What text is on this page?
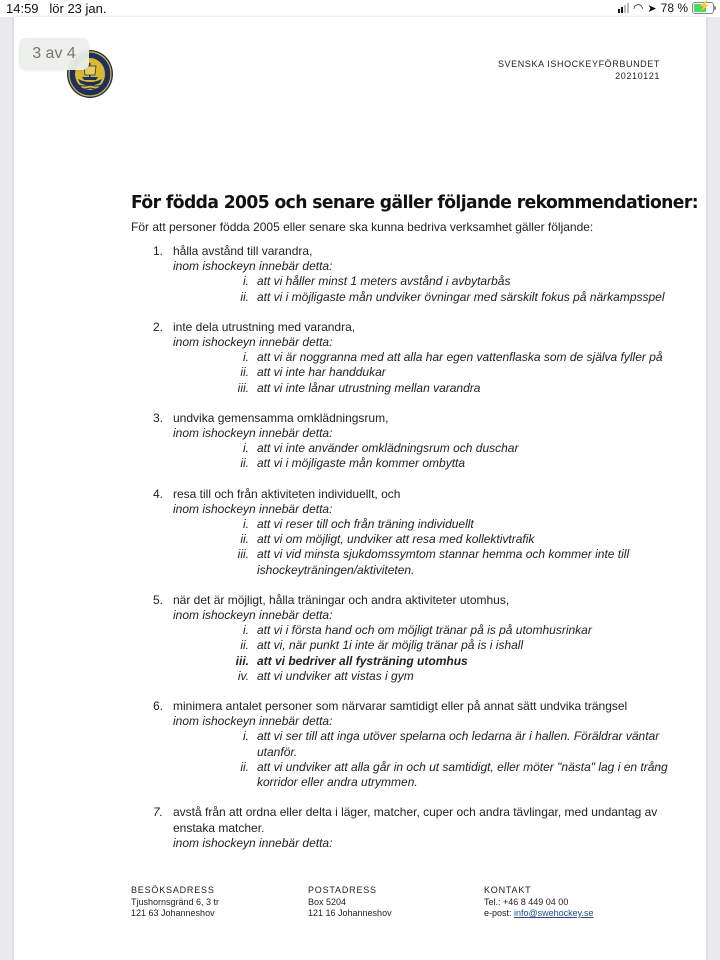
14:59 lör 23 jan.	◠ ➤ 78 % ⚡
3 av 4
SVENSKA ISHOCKEYFÖRBUNDET
20210121
För födda 2005 och senare gäller följande rekommendationer:
För att personer födda 2005 eller senare ska kunna bedriva verksamhet gäller följande:
1. hålla avstånd till varandra,
inom ishockeyn innebär detta:
i. att vi håller minst 1 meters avstånd i avbytarbås
ii. att vi i möjligaste mån undviker övningar med särskilt fokus på närkampsspel
2. inte dela utrustning med varandra,
inom ishockeyn innebär detta:
i. att vi är noggranna med att alla har egen vattenflaska som de själva fyller på
ii. att vi inte har handdukar
iii. att vi inte lånar utrustning mellan varandra
3. undvika gemensamma omklädningsrum,
inom ishockeyn innebär detta:
i. att vi inte använder omklädningsrum och duschar
ii. att vi i möjligaste mån kommer ombytta
4. resa till och från aktiviteten individuellt, och
inom ishockeyn innebär detta:
i. att vi reser till och från träning individuellt
ii. att vi om möjligt, undviker att resa med kollektivtrafik
iii. att vi vid minsta sjukdomssymtom stannar hemma och kommer inte till ishockeyträningen/aktiviteten.
5. när det är möjligt, hålla träningar och andra aktiviteter utomhus,
inom ishockeyn innebär detta:
i. att vi i första hand och om möjligt tränar på is på utomhusrinkar
ii. att vi, när punkt 1i inte är möjlig tränar på is i ishall
iii. att vi bedriver all fysträning utomhus
iv. att vi undviker att vistas i gym
6. minimera antalet personer som närvarar samtidigt eller på annat sätt undvika trängsel
inom ishockeyn innebär detta:
i. att vi ser till att inga utöver spelarna och ledarna är i hallen. Föräldrar väntar utanför.
ii. att vi undviker att alla går in och ut samtidigt, eller möter "nästa" lag i en trång korridor eller andra utrymmen.
7. avstå från att ordna eller delta i läger, matcher, cuper och andra tävlingar, med undantag av enstaka matcher.
inom ishockeyn innebär detta:
BESÖKSADRESS
Tjushornsgränd 6, 3 tr
121 63 Johanneshov
POSTADRESS
Box 5204
121 16 Johanneshov
KONTAKT
Tel.: +46 8 449 04 00
e-post: info@swehockey.se
